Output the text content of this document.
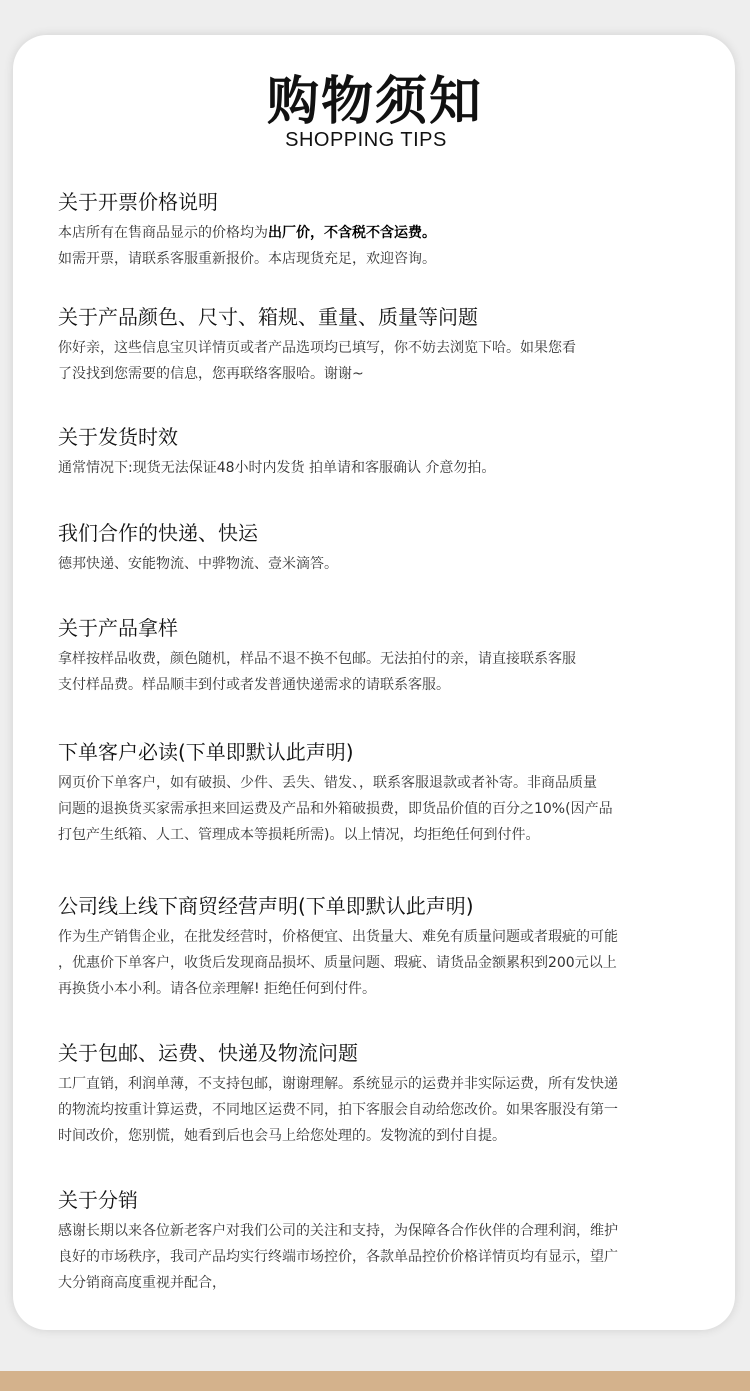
购物须知
SHOPPING TIPS
关于开票价格说明

本店所有在售商品显示的价格均为出厂价，不含税不含运费。
如需开票，请联系客服重新报价。本店现货充足，欢迎咨询。

关于产品颜色、尺寸、箱规、重量、质量等问题

你好亲，这些信息宝贝详情页或者产品选项均已填写，你不妨去浏览下哈。如果您看
了没找到您需要的信息，您再联络客服哈。谢谢~

关于发货时效

通常情况下:现货无法保证48小时内发货 拍单请和客服确认 介意勿拍。

我们合作的快递、快运

德邦快递、安能物流、中骅物流、壹米滴答。

关于产品拿样

拿样按样品收费，颜色随机，样品不退不换不包邮。无法拍付的亲，请直接联系客服
支付样品费。样品顺丰到付或者发普通快递需求的请联系客服。

下单客户必读(下单即默认此声明)

网页价下单客户，如有破损、少件、丢失、错发、，联系客服退款或者补寄。非商品质量
问题的退换货买家需承担来回运费及产品和外箱破损费，即货品价值的百分之10%(因产品
打包产生纸箱、人工、管理成本等损耗所需)。以上情况，均拒绝任何到付件。

公司线上线下商贸经营声明(下单即默认此声明)

作为生产销售企业，在批发经营时，价格便宜、出货量大、难免有质量问题或者瑕疵的可能
，优惠价下单客户，收货后发现商品损坏、质量问题、瑕疵、请货品金额累积到200元以上
再换货小本小利。请各位亲理解! 拒绝任何到付件。

关于包邮、运费、快递及物流问题

工厂直销，利润单薄，不支持包邮，谢谢理解。系统显示的运费并非实际运费，所有发快递
的物流均按重计算运费，不同地区运费不同，拍下客服会自动给您改价。如果客服没有第一
时间改价，您别慌，她看到后也会马上给您处理的。发物流的到付自提。

关于分销

感谢长期以来各位新老客户对我们公司的关注和支持，为保障各合作伙伴的合理利润，维护
良好的市场秩序，我司产品均实行终端市场控价，各款单品控价价格详情页均有显示，望广
大分销商高度重视并配合，
